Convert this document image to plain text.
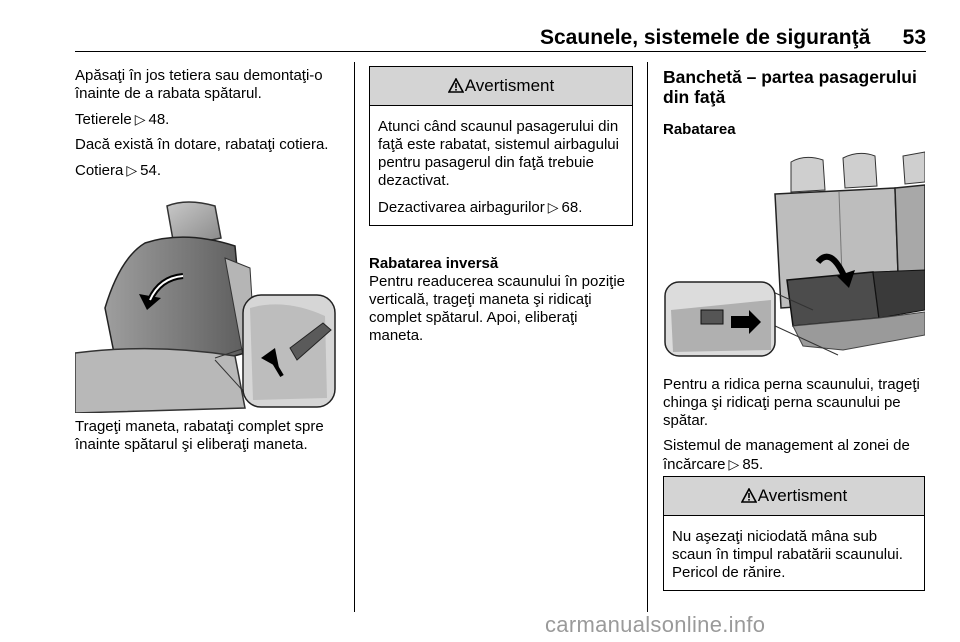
Scaunele, sistemele de siguranţă	53

Apăsaţi în jos tetiera sau demontaţi-o înainte de a rabata spătarul.

Tetierele ▷ 48.

Dacă există în dotare, rabataţi cotiera.

Cotiera ▷ 54.

Trageţi maneta, rabataţi complet spre înainte spătarul şi eliberaţi maneta.

Avertisment

Atunci când scaunul pasagerului din faţă este rabatat, sistemul airbagului pentru pasagerul din faţă trebuie dezactivat.

Dezactivarea airbagurilor ▷ 68.

Rabatarea inversă

Pentru readucerea scaunului în poziţie verticală, trageţi maneta şi ridicaţi complet spătarul. Apoi, eliberaţi maneta.

Banchetă – partea pasagerului din faţă
Rabatarea

Pentru a ridica perna scaunului, trageţi chinga şi ridicaţi perna scaunului pe spătar.

Sistemul de management al zonei de încărcare ▷ 85.

Avertisment

Nu aşezaţi niciodată mâna sub scaun în timpul rabatării scaunului. Pericol de rănire.

carmanualsonline.info
